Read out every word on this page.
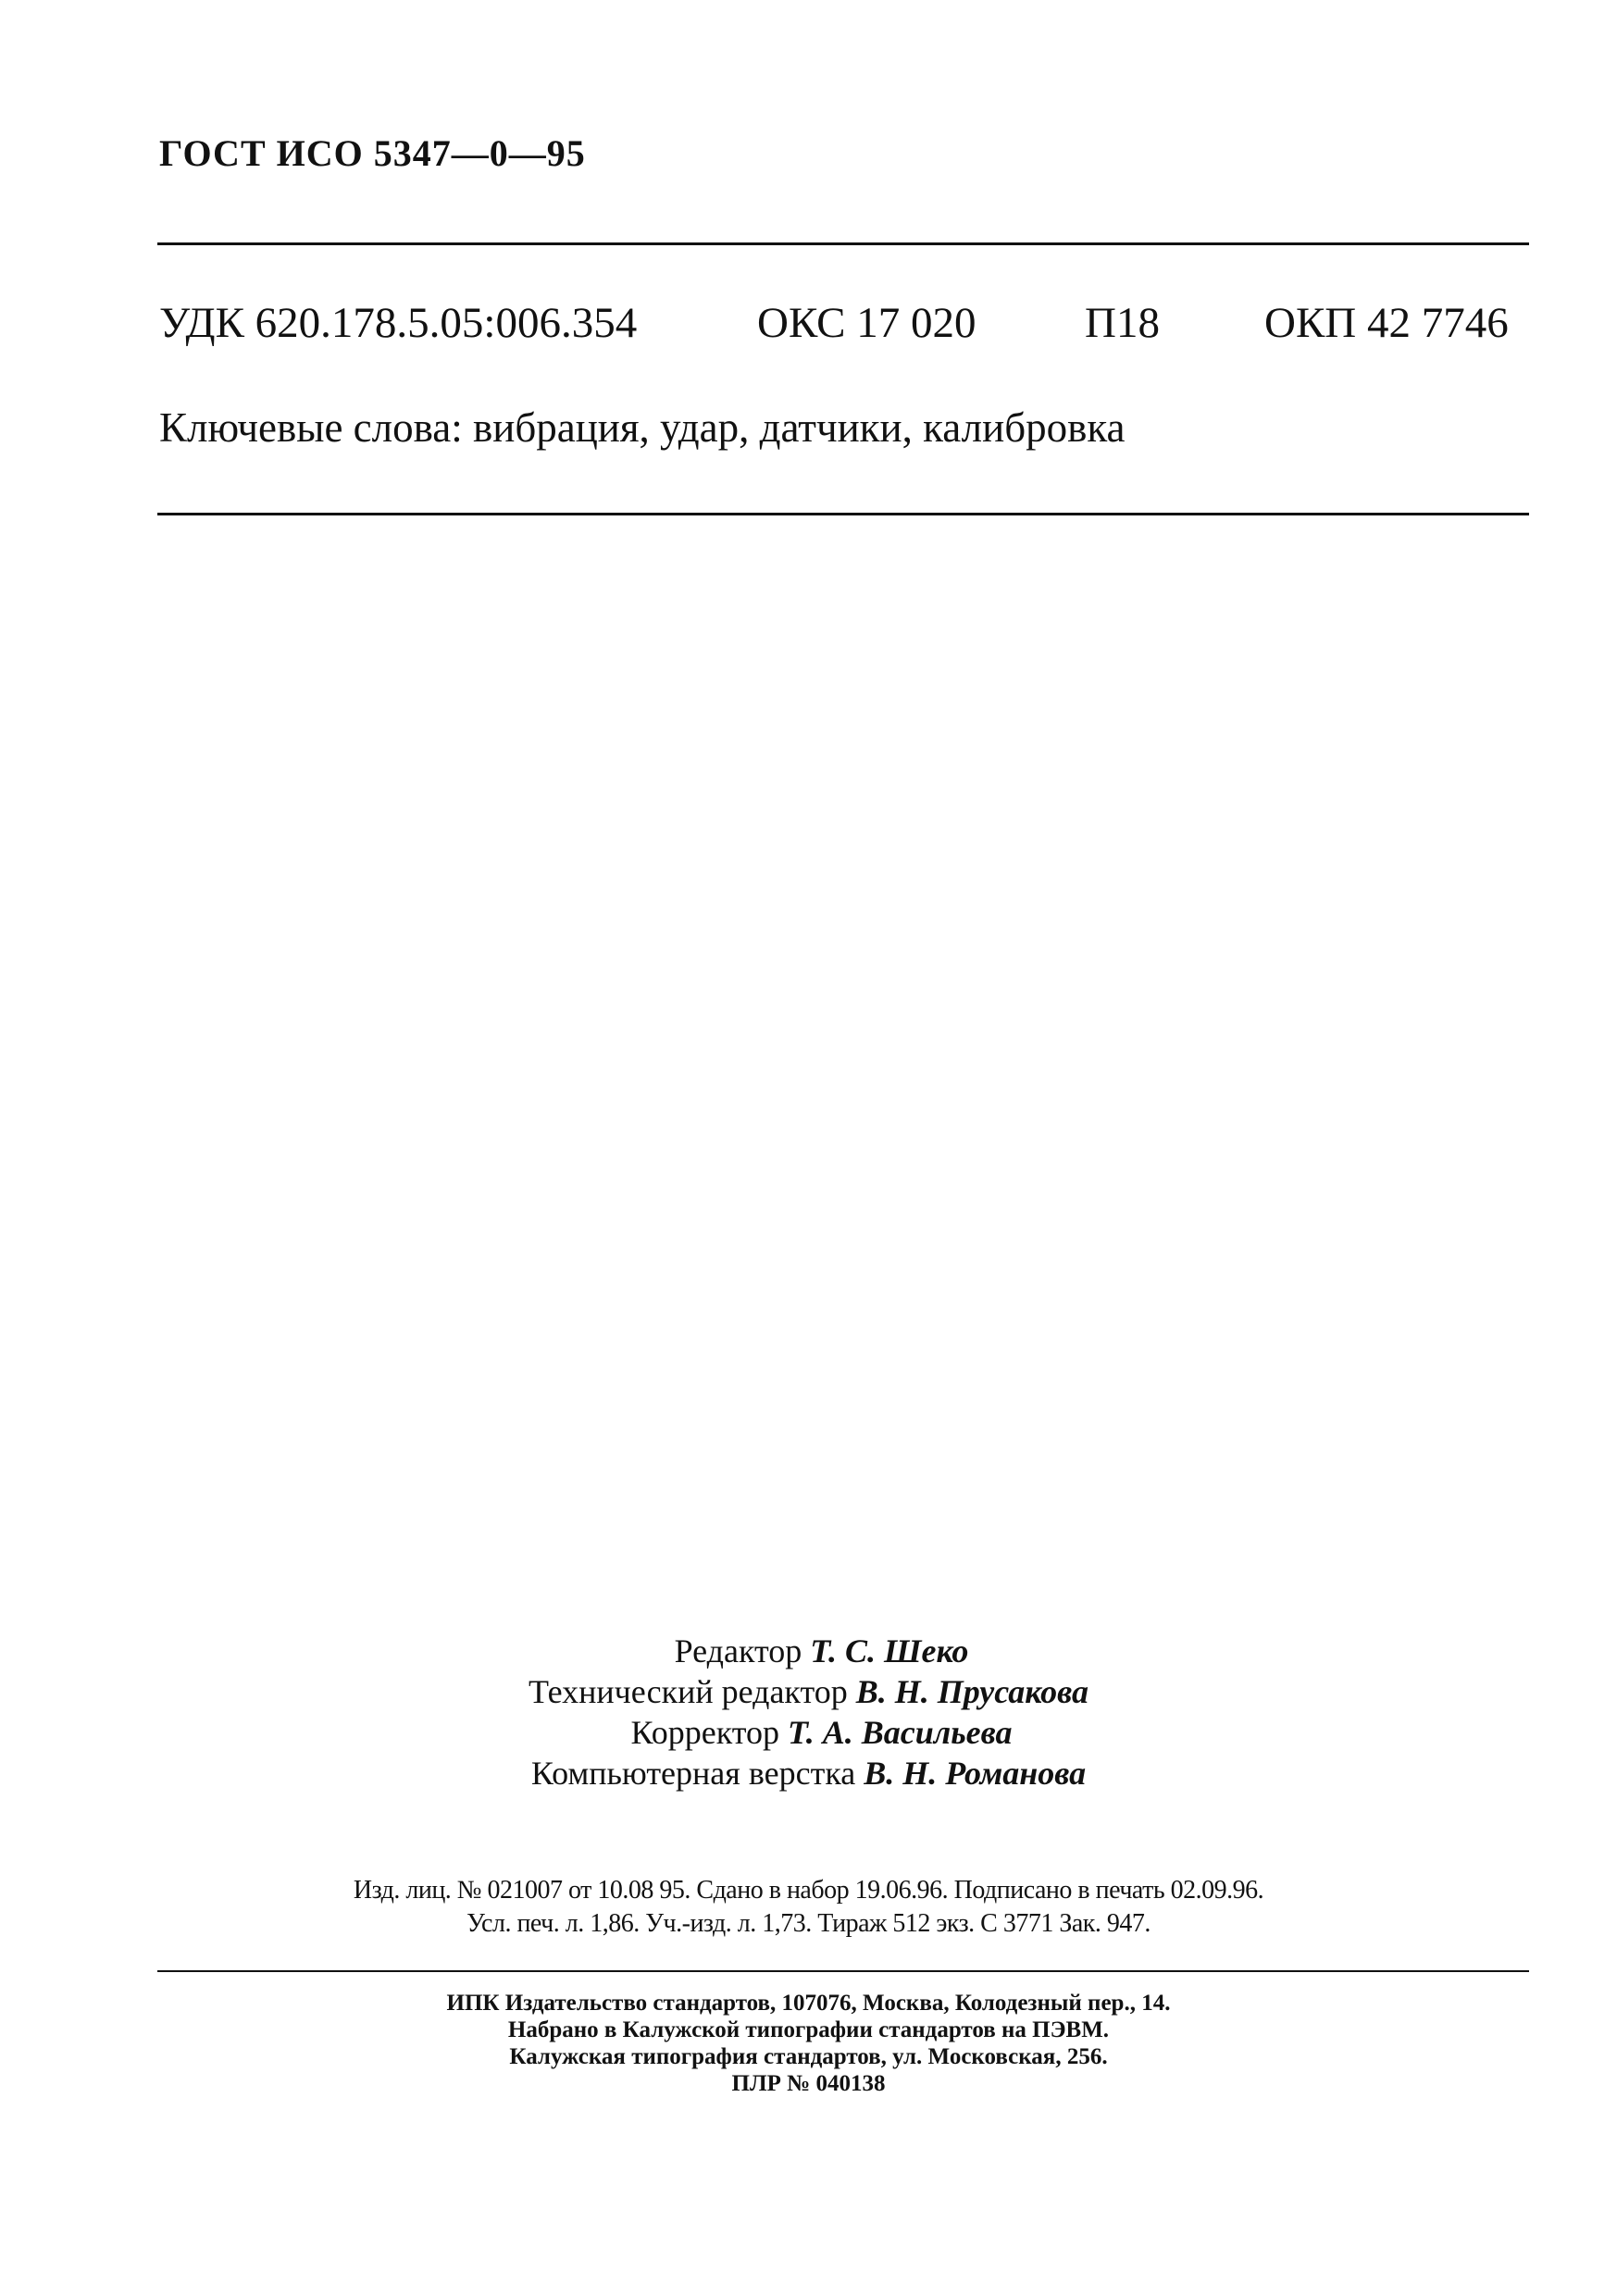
ГОСТ ИСО 5347—0—95
УДК 620.178.5.05:006.354	ОКС 17 020	П18 ОКП 42 7746
Ключевые слова: вибрация, удар, датчики, калибровка
Редактор Т. С. Шеко
Технический редактор В. Н. Прусакова
Корректор Т. А. Васильева
Компьютерная верстка В. Н. Романова
Изд. лиц. № 021007 от 10.08 95. Сдано в набор 19.06.96. Подписано в печать 02.09.96.
Усл. печ. л. 1,86. Уч.-изд. л. 1,73. Тираж 512 экз. С 3771 Зак. 947.
ИПК Издательство стандартов, 107076, Москва, Колодезный пер., 14.
Набрано в Калужской типографии стандартов на ПЭВМ.
Калужская типография стандартов, ул. Московская, 256.
ПЛР № 040138
